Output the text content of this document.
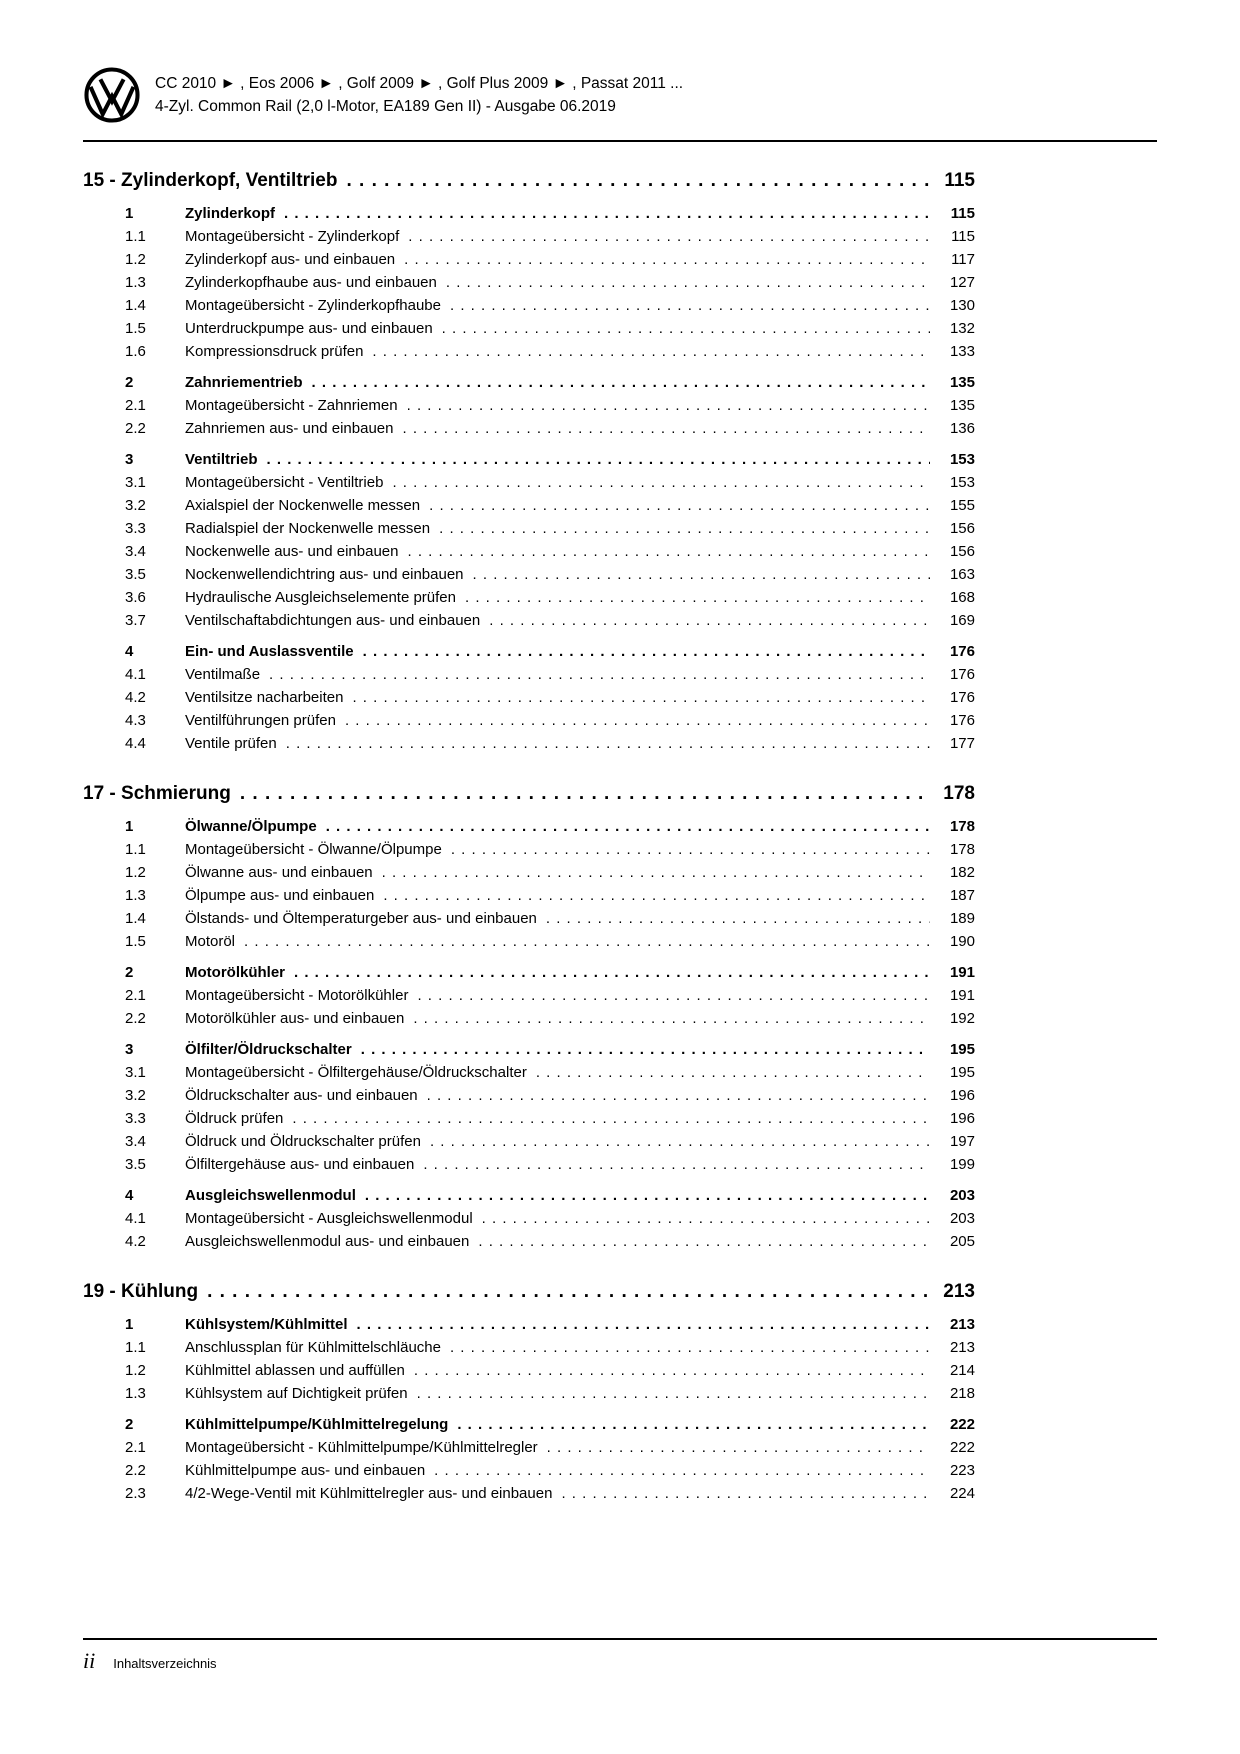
CC 2010 ► , Eos 2006 ► , Golf 2009 ► , Golf Plus 2009 ► , Passat 2011 ...
4-Zyl. Common Rail (2,0 l-Motor, EA189 Gen II) - Ausgabe 06.2019
15 - Zylinderkopf, Ventiltrieb . . .	115
1	Zylinderkopf . . .	115
1.1	Montageübersicht - Zylinderkopf . . .	115
1.2	Zylinderkopf aus- und einbauen . . .	117
1.3	Zylinderkopfhaube aus- und einbauen . . .	127
1.4	Montageübersicht - Zylinderkopfhaube . . .	130
1.5	Unterdruckpumpe aus- und einbauen . . .	132
1.6	Kompressionsdruck prüfen . . .	133
2	Zahnriementrieb . . .	135
2.1	Montageübersicht - Zahnriemen . . .	135
2.2	Zahnriemen aus- und einbauen . . .	136
3	Ventiltrieb . . .	153
3.1	Montageübersicht - Ventiltrieb . . .	153
3.2	Axialspiel der Nockenwelle messen . . .	155
3.3	Radialspiel der Nockenwelle messen . . .	156
3.4	Nockenwelle aus- und einbauen . . .	156
3.5	Nockenwellendichtring aus- und einbauen . . .	163
3.6	Hydraulische Ausgleichselemente prüfen . . .	168
3.7	Ventilschaftabdichtungen aus- und einbauen . . .	169
4	Ein- und Auslassventile . . .	176
4.1	Ventilmaße . . .	176
4.2	Ventilsitze nacharbeiten . . .	176
4.3	Ventilführungen prüfen . . .	176
4.4	Ventile prüfen . . .	177
17 - Schmierung . . .	178
1	Ölwanne/Ölpumpe . . .	178
1.1	Montageübersicht - Ölwanne/Ölpumpe . . .	178
1.2	Ölwanne aus- und einbauen . . .	182
1.3	Ölpumpe aus- und einbauen . . .	187
1.4	Ölstands- und Öltemperaturgeber aus- und einbauen . . .	189
1.5	Motoröl . . .	190
2	Motorölkühler . . .	191
2.1	Montageübersicht - Motorölkühler . . .	191
2.2	Motorölkühler aus- und einbauen . . .	192
3	Ölfilter/Öldruckschalter . . .	195
3.1	Montageübersicht - Ölfiltergehäuse/Öldruckschalter . . .	195
3.2	Öldruckschalter aus- und einbauen . . .	196
3.3	Öldruck prüfen . . .	196
3.4	Öldruck und Öldruckschalter prüfen . . .	197
3.5	Ölfiltergehäuse aus- und einbauen . . .	199
4	Ausgleichswellenmodul . . .	203
4.1	Montageübersicht - Ausgleichswellenmodul . . .	203
4.2	Ausgleichswellenmodul aus- und einbauen . . .	205
19 - Kühlung . . .	213
1	Kühlsystem/Kühlmittel . . .	213
1.1	Anschlussplan für Kühlmittelschläuche . . .	213
1.2	Kühlmittel ablassen und auffüllen . . .	214
1.3	Kühlsystem auf Dichtigkeit prüfen . . .	218
2	Kühlmittelpumpe/Kühlmittelregelung . . .	222
2.1	Montageübersicht - Kühlmittelpumpe/Kühlmittelregler . . .	222
2.2	Kühlmittelpumpe aus- und einbauen . . .	223
2.3	4/2-Wege-Ventil mit Kühlmittelregler aus- und einbauen . . .	224
ii Inhaltsverzeichnis
